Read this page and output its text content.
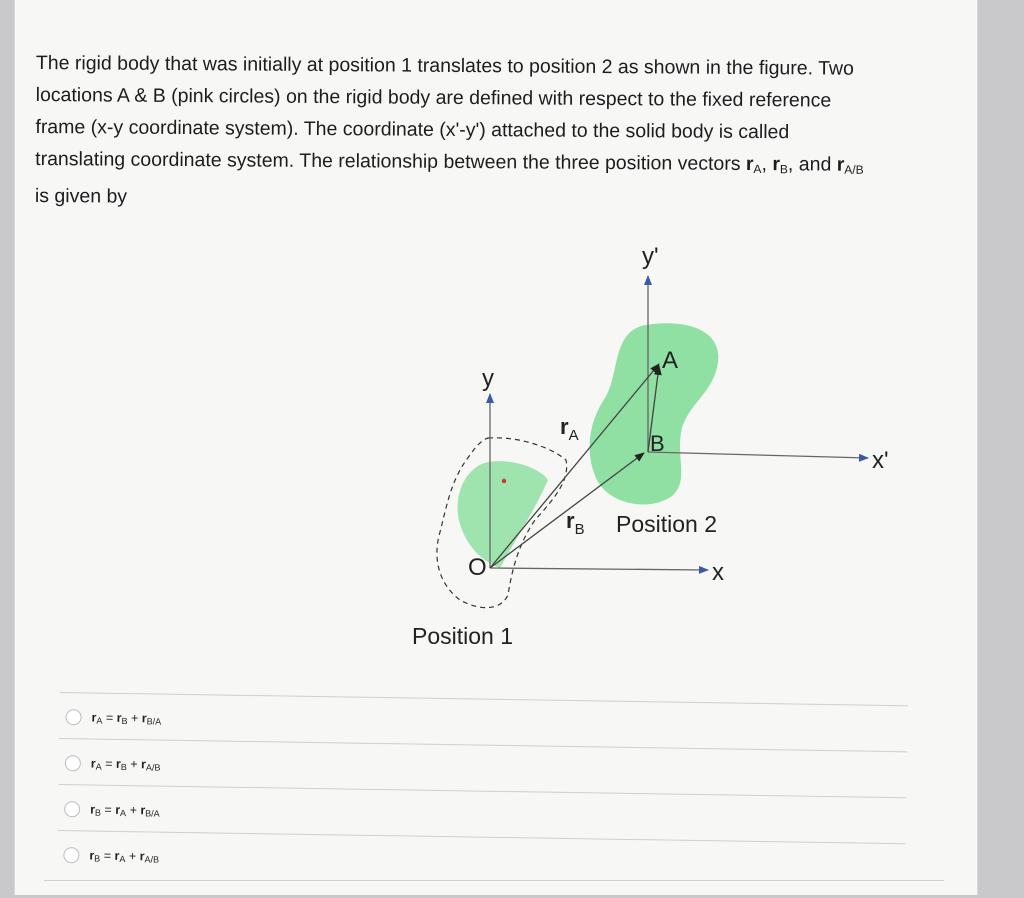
The rigid body that was initially at position 1 translates to position 2 as shown in the figure. Two
locations A & B (pink circles) on the rigid body are defined with respect to the fixed reference
frame (x-y coordinate system). The coordinate (x'-y') attached to the solid body is called
translating coordinate system. The relationship between the three position vectors $r_A$, $r_B$, and $r_{A/B}$
is given by
y'
x'
y
x
O
A
B
$r_A$
$r_B$ Position 2
Position 1
$r_A = r_B + r_{B/A}$
$r_A = r_B + r_{A/B}$
$r_B = r_A + r_{B/A}$
$r_B = r_A + r_{A/B}$
